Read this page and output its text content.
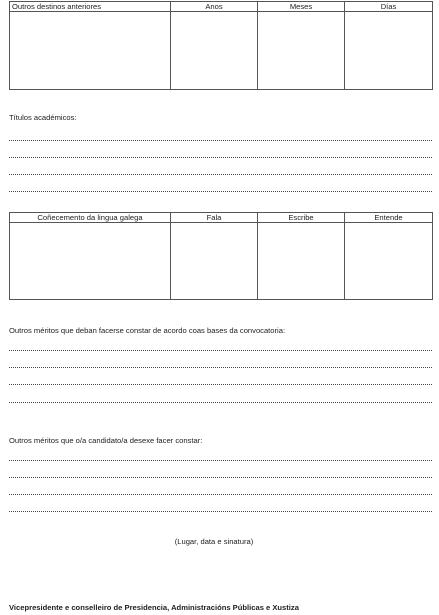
Outros destinos anteriores	Anos	Meses	Días

Títulos académicos:
Coñecemento da lingua galega	Fala	Escribe	Entende

Outros méritos que deban facerse constar de acordo coas bases da convocatoria:
Outros méritos que o/a candidato/a desexe facer constar:
(Lugar, data e sinatura)
Vicepresidente e conselleiro de Presidencia, Administracións Públicas e Xustiza
